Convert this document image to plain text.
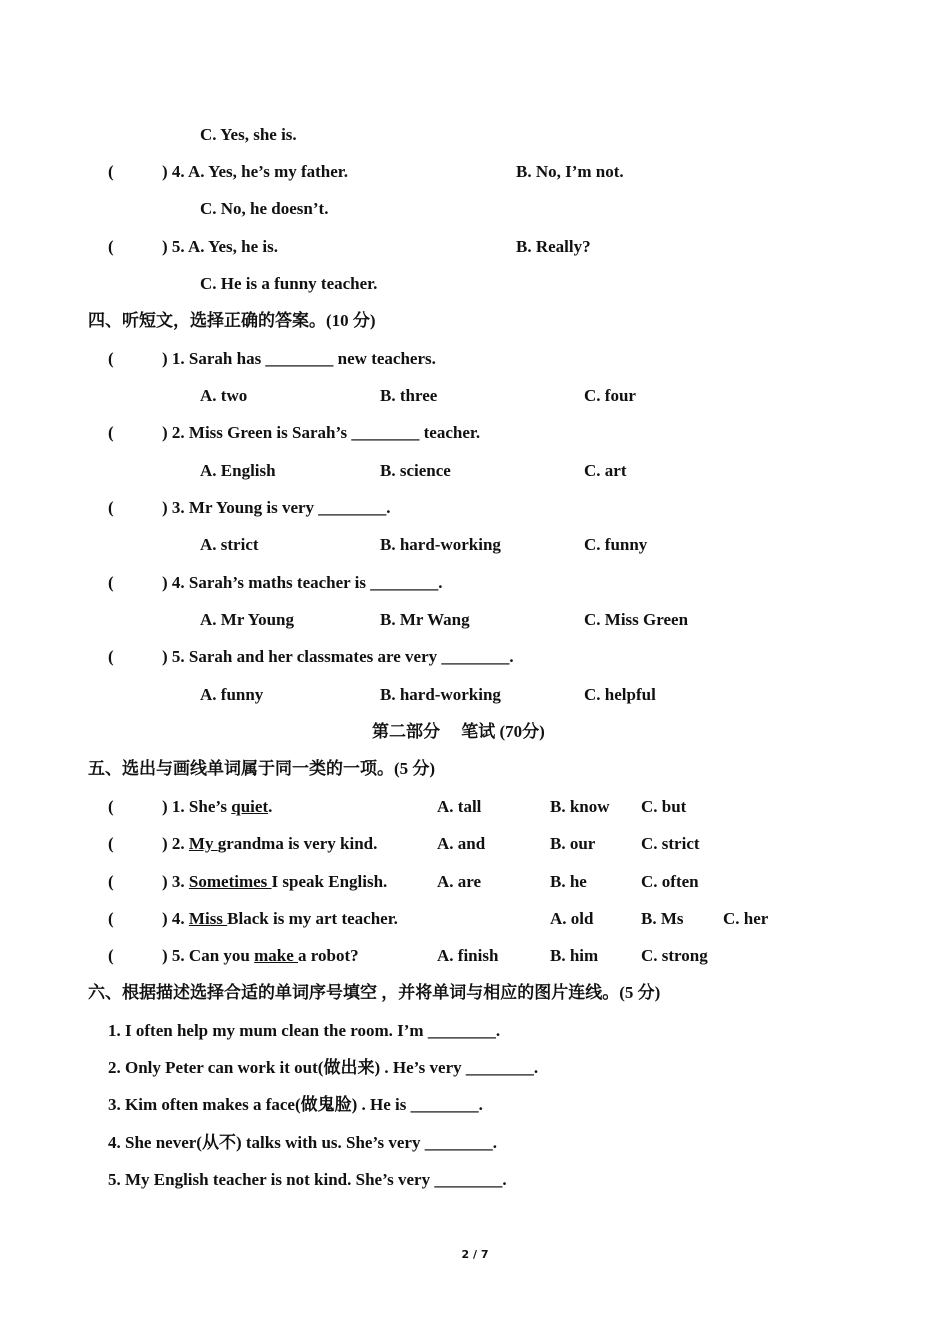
C. Yes, she is.
(	) 4. A. Yes, he’s my father.	B. No, I’m not.
C. No, he doesn’t.
(	) 5. A. Yes, he is.	B. Really?
C. He is a funny teacher.
四、听短文，选择正确的答案。(10 分)
(	) 1. Sarah has ________ new teachers.
A. two	B. three	C. four
(	) 2. Miss Green is Sarah’s ________ teacher.
A. English	B. science	C. art
(	) 3. Mr Young is very ________.
A. strict	B. hard-working	C. funny
(	) 4. Sarah’s maths teacher is ________.
A. Mr Young	B. Mr Wang	C. Miss Green
(	) 5. Sarah and her classmates are very ________.
A. funny	B. hard-working	C. helpful
第二部分　 笔试 (70分)
五、选出与画线单词属于同一类的一项。(5 分)
(	) 1. She’s quiet.	A. tall	B. know C. but
(	) 2. My grandma is very kind.	A. and	B. our	C. strict
(	) 3. Sometimes I speak English.	A. are	B. he	C. often
(	) 4. Miss Black is my art teacher.	A. old	B. Ms C. her
(	) 5. Can you make a robot?	A. finish	B. him	C. strong
六、根据描述选择合适的单词序号填空 ，并将单词与相应的图片连线。(5 分)
1. I often help my mum clean the room. I’m ________.
2. Only Peter can work it out(做出来) . He’s very ________.
3. Kim often makes a face(做鬼脸) . He is ________.
4. She never(从不) talks with us. She’s very ________.
5. My English teacher is not kind. She’s very ________.
2 / 7
